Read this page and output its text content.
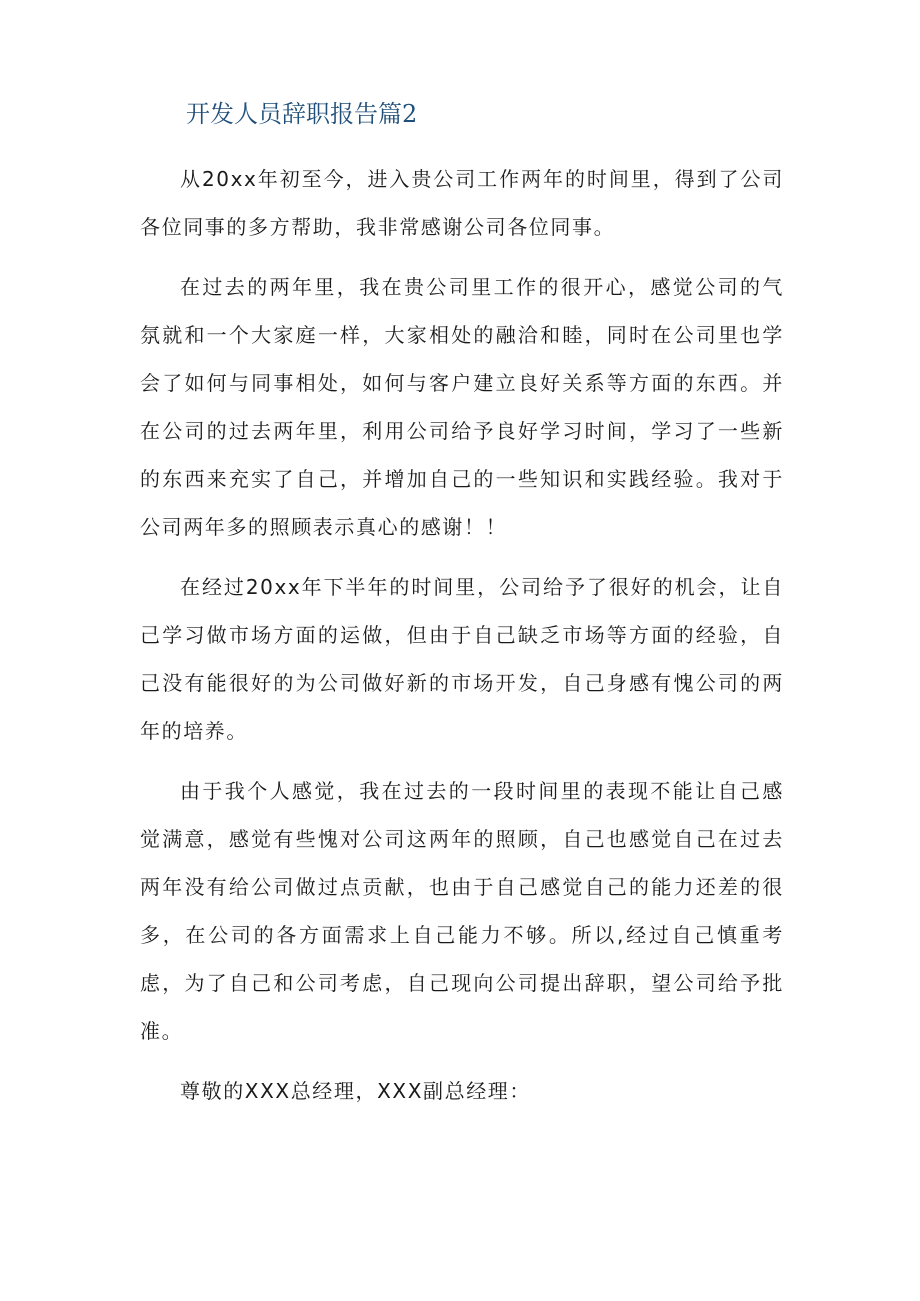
开发人员辞职报告篇2

从20xx年初至今，进入贵公司工作两年的时间里，得到了公司各位同事的多方帮助，我非常感谢公司各位同事。

在过去的两年里，我在贵公司里工作的很开心，感觉公司的气氛就和一个大家庭一样，大家相处的融洽和睦，同时在公司里也学会了如何与同事相处，如何与客户建立良好关系等方面的东西。并在公司的过去两年里，利用公司给予良好学习时间，学习了一些新的东西来充实了自己，并增加自己的一些知识和实践经验。我对于公司两年多的照顾表示真心的感谢！！

在经过20xx年下半年的时间里，公司给予了很好的机会，让自己学习做市场方面的运做，但由于自己缺乏市场等方面的经验，自己没有能很好的为公司做好新的市场开发，自己身感有愧公司的两年的培养。

由于我个人感觉，我在过去的一段时间里的表现不能让自己感觉满意，感觉有些愧对公司这两年的照顾，自己也感觉自己在过去两年没有给公司做过点贡献，也由于自己感觉自己的能力还差的很多，在公司的各方面需求上自己能力不够。所以,经过自己慎重考虑，为了自己和公司考虑，自己现向公司提出辞职，望公司给予批准。

尊敬的XXX总经理，XXX副总经理：
